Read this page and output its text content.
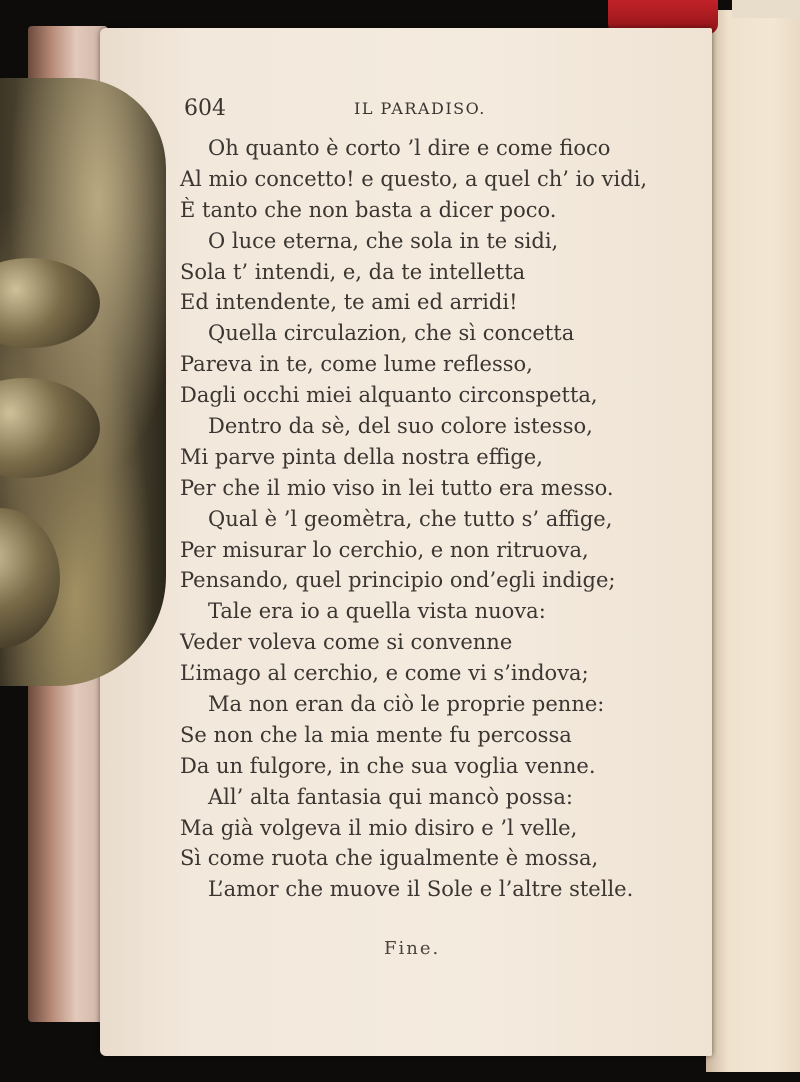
604	IL PARADISO.
Oh quanto è corto ’l dire e come fioco
Al mio concetto! e questo, a quel ch’ io vidi,
È tanto che non basta a dicer poco.
O luce eterna, che sola in te sidi,
Sola t’ intendi, e, da te intelletta
Ed intendente, te ami ed arridi!
Quella circulazion, che sì concetta
Pareva in te, come lume reflesso,
Dagli occhi miei alquanto circonspetta,
Dentro da sè, del suo colore istesso,
Mi parve pinta della nostra effige,
Per che il mio viso in lei tutto era messo.
Qual è ’l geomètra, che tutto s’ affige,
Per misurar lo cerchio, e non ritruova,
Pensando, quel principio ond’egli indige;
Tale era io a quella vista nuova:
Veder voleva come si convenne
L’imago al cerchio, e come vi s’indova;
Ma non eran da ciò le proprie penne:
Se non che la mia mente fu percossa
Da un fulgore, in che sua voglia venne.
All’ alta fantasia qui mancò possa:
Ma già volgeva il mio disiro e ’l velle,
Sì come ruota che igualmente è mossa,
L’amor che muove il Sole e l’altre stelle.
Fine.
